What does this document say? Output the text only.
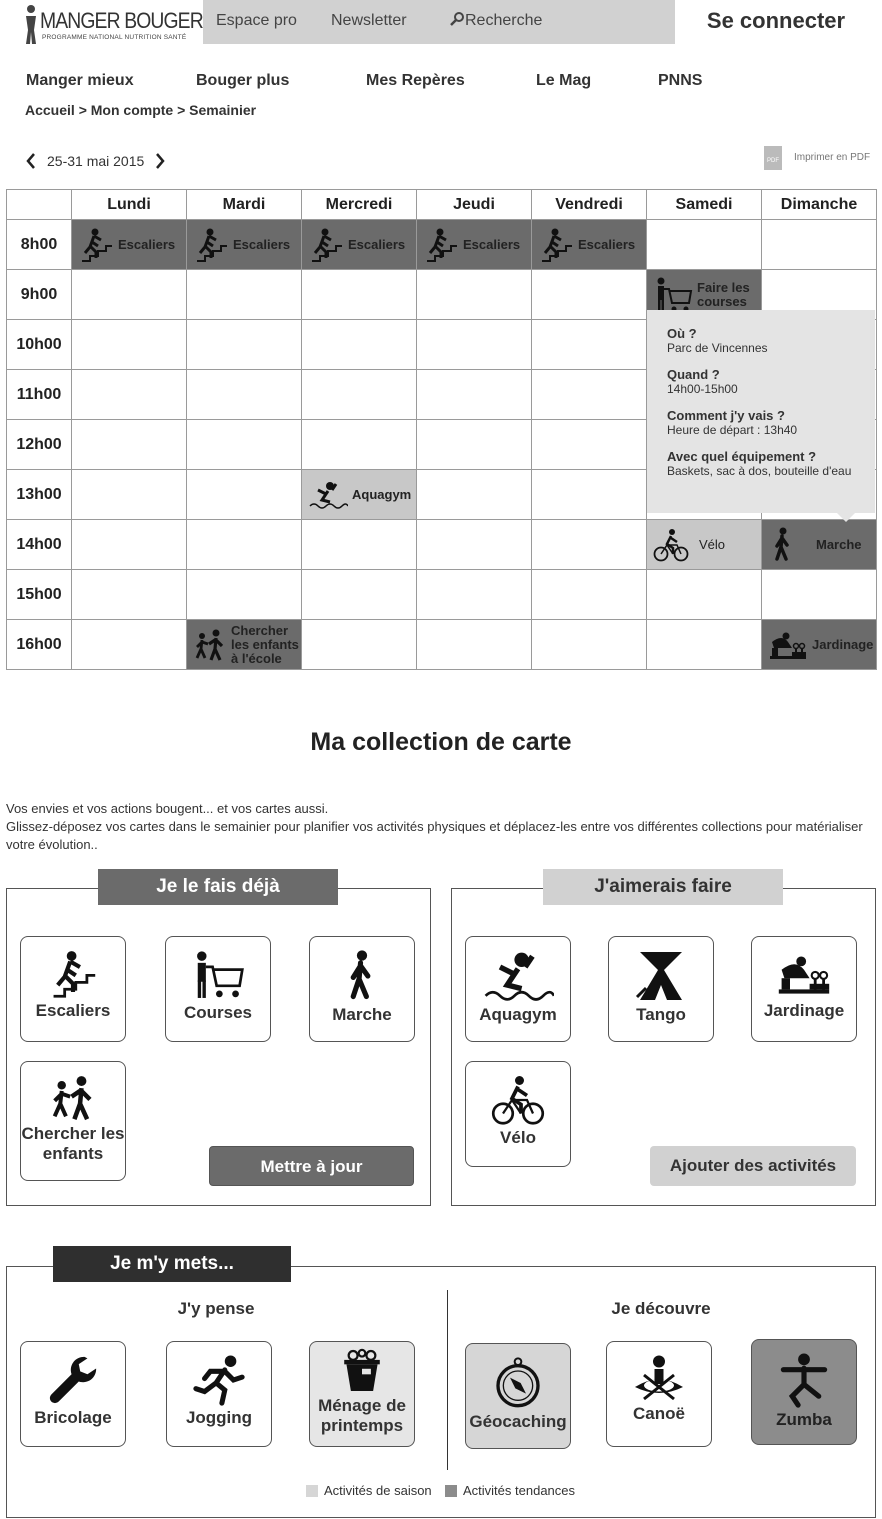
MANGER BOUGER
PROGRAMME NATIONAL NUTRITION SANTÉ
Espace pro Newsletter	Recherche	Se connecter
Manger mieux	Bouger plus	Mes Repères	Le Mag	PNNS
Accueil > Mon compte > Semainier
25-31 mai 2015	PDF	Imprimer en PDF
	Lundi	Mardi	Mercredi	Jeudi	Vendredi	Samedi	Dimanche
8h00	Escaliers	Escaliers	Escaliers	Escaliers	Escaliers		

9h00						Faire les courses	

10h00							
11h00							
12h00							
13h00			Aquagym				

14h00						Vélo	Marche

15h00							
16h00		Chercher les enfants à l'école					Jardinage
Où ?
Parc de Vincennes
Quand ?
14h00-15h00
Comment j'y vais ?
Heure de départ : 13h40
Avec quel équipement ?
Baskets, sac à dos, bouteille d'eau
Ma collection de carte
Vos envies et vos actions bougent... et vos cartes aussi.
Glissez-déposez vos cartes dans le semainier pour planifier vos activités physiques et déplacez-les entre vos différentes collections pour matérialiser votre évolution..
Je le fais déjà
Escaliers	Courses	Marche
Chercher les enfants
Mettre à jour
J'aimerais faire
Aquagym	Tango	Jardinage
Vélo
Ajouter des activités
Je m'y mets...
J'y pense	Je découvre
Bricolage	Jogging
Ménage de printemps	Géocaching	Canoë	Zumba
Activités de saison Activités tendances
